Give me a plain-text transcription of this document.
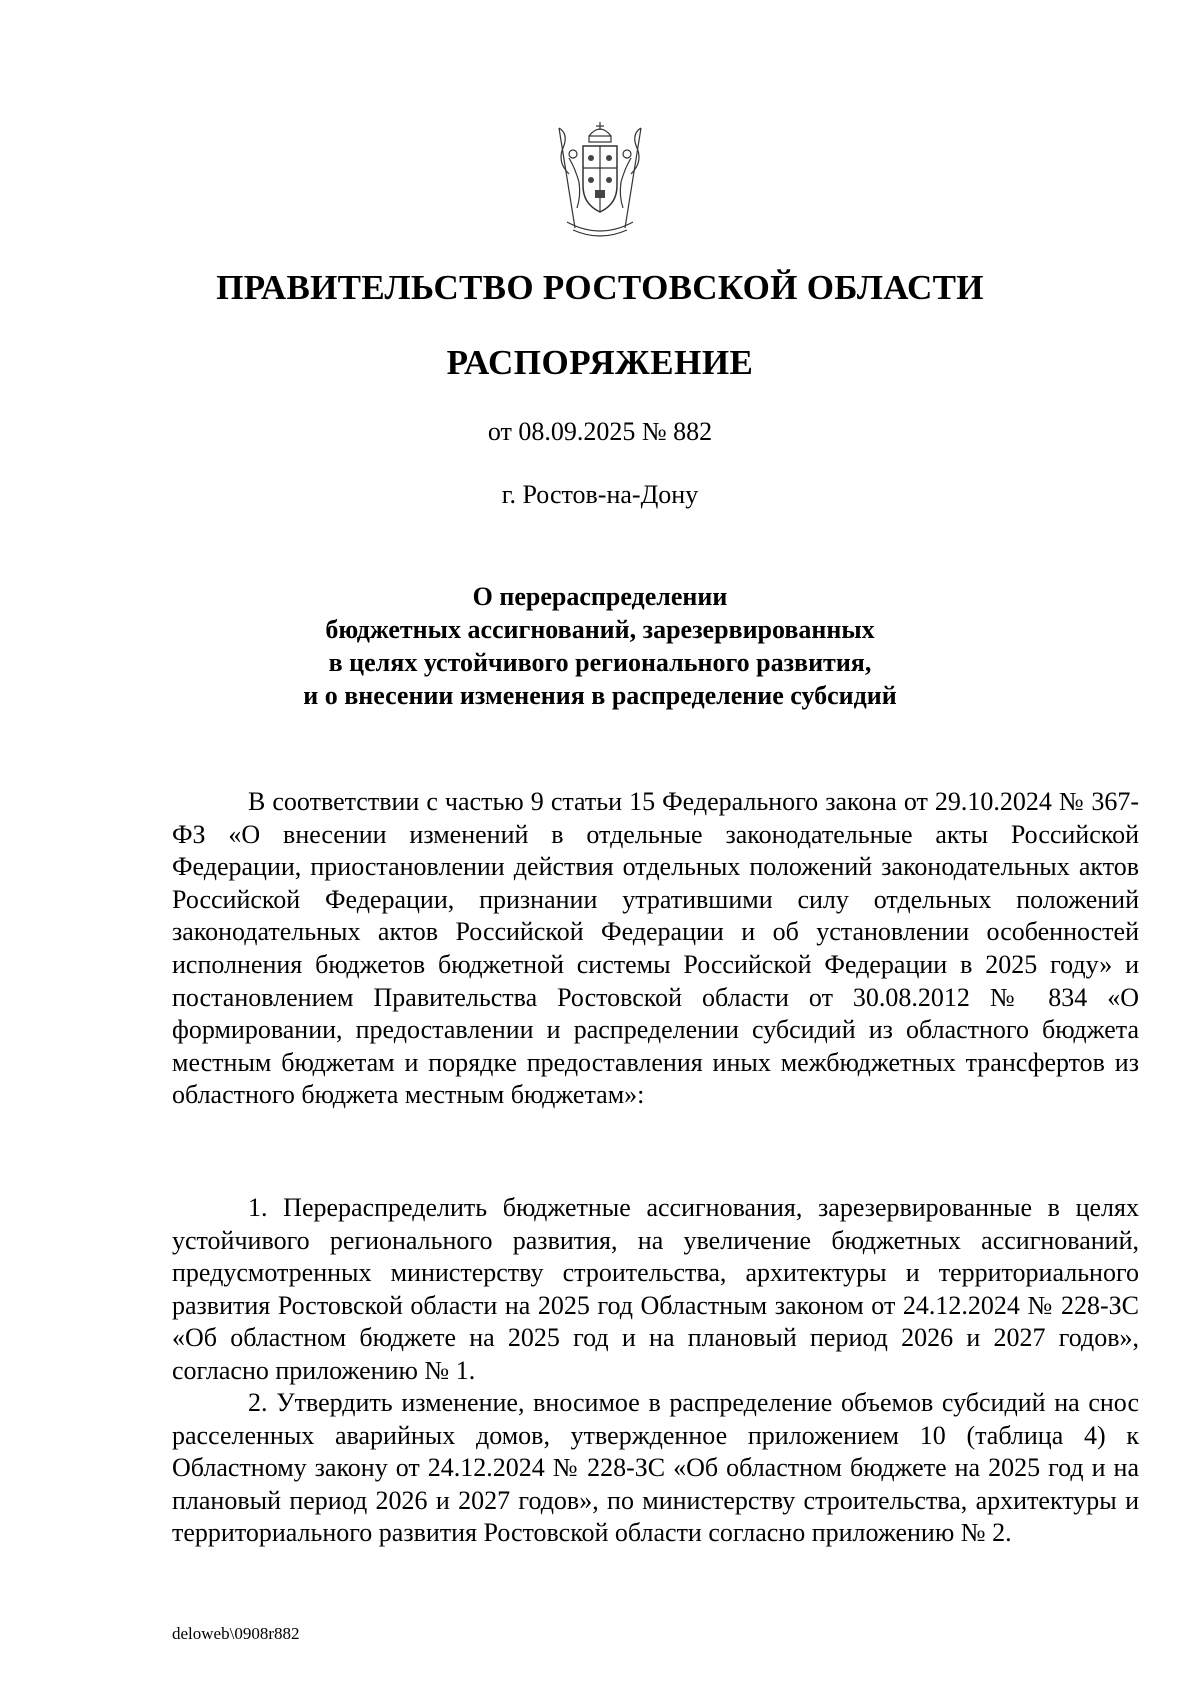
ПРАВИТЕЛЬСТВО РОСТОВСКОЙ ОБЛАСТИ
РАСПОРЯЖЕНИЕ
от 08.09.2025 № 882
г. Ростов-на-Дону
О перераспределении
бюджетных ассигнований, зарезервированных
в целях устойчивого регионального развития,
и о внесении изменения в распределение субсидий

В соответствии с частью 9 статьи 15 Федерального закона от 29.10.2024 № 367-ФЗ «О внесении изменений в отдельные законодательные акты Российской Федерации, приостановлении действия отдельных положений законодательных актов Российской Федерации, признании утратившими силу отдельных положений законодательных актов Российской Федерации и об установлении особенностей исполнения бюджетов бюджетной системы Российской Федерации в 2025 году» и постановлением Правительства Ростовской области от 30.08.2012 № 834 «О формировании, предоставлении и распределении субсидий из областного бюджета местным бюджетам и порядке предоставления иных межбюджетных трансфертов из областного бюджета местным бюджетам»:

1. Перераспределить бюджетные ассигнования, зарезервированные в целях устойчивого регионального развития, на увеличение бюджетных ассигнований, предусмотренных министерству строительства, архитектуры и территориального развития Ростовской области на 2025 год Областным законом от 24.12.2024 № 228-ЗС «Об областном бюджете на 2025 год и на плановый период 2026 и 2027 годов», согласно приложению № 1.

2. Утвердить изменение, вносимое в распределение объемов субсидий на снос расселенных аварийных домов, утвержденное приложением 10 (таблица 4) к Областному закону от 24.12.2024 № 228-ЗС «Об областном бюджете на 2025 год и на плановый период 2026 и 2027 годов», по министерству строительства, архитектуры и территориального развития Ростовской области согласно приложению № 2.

deloweb\0908r882
